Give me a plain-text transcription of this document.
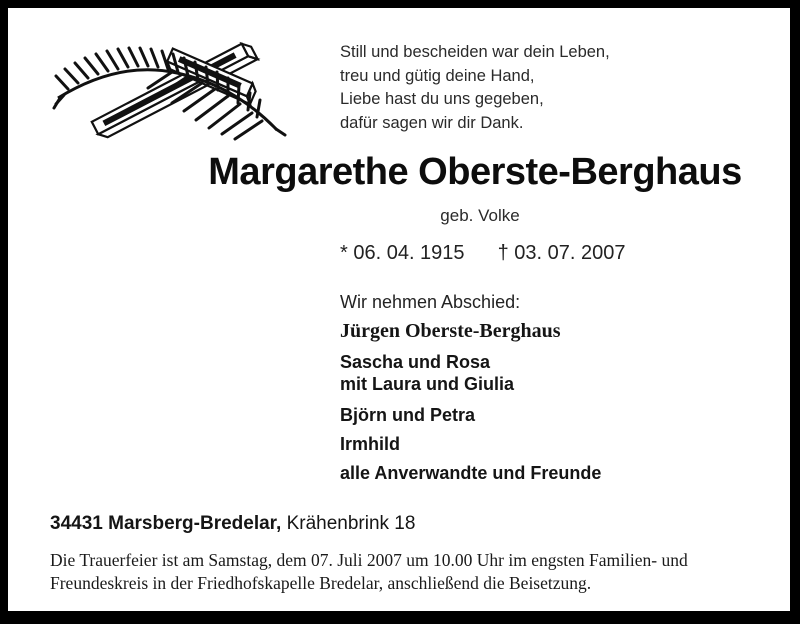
Still und bescheiden war dein Leben,
treu und gütig deine Hand,
Liebe hast du uns gegeben,
dafür sagen wir dir Dank.
Margarethe Oberste-Berghaus
geb. Volke
* 06. 04. 1915 † 03. 07. 2007
Wir nehmen Abschied:
Jürgen Oberste-Berghaus
Sascha und Rosa
mit Laura und Giulia
Björn und Petra
Irmhild
alle Anverwandte und Freunde
34431 Marsberg-Bredelar, Krähenbrink 18
Die Trauerfeier ist am Samstag, dem 07. Juli 2007 um 10.00 Uhr im engsten Familien- und
Freundeskreis in der Friedhofskapelle Bredelar, anschließend die Beisetzung.
